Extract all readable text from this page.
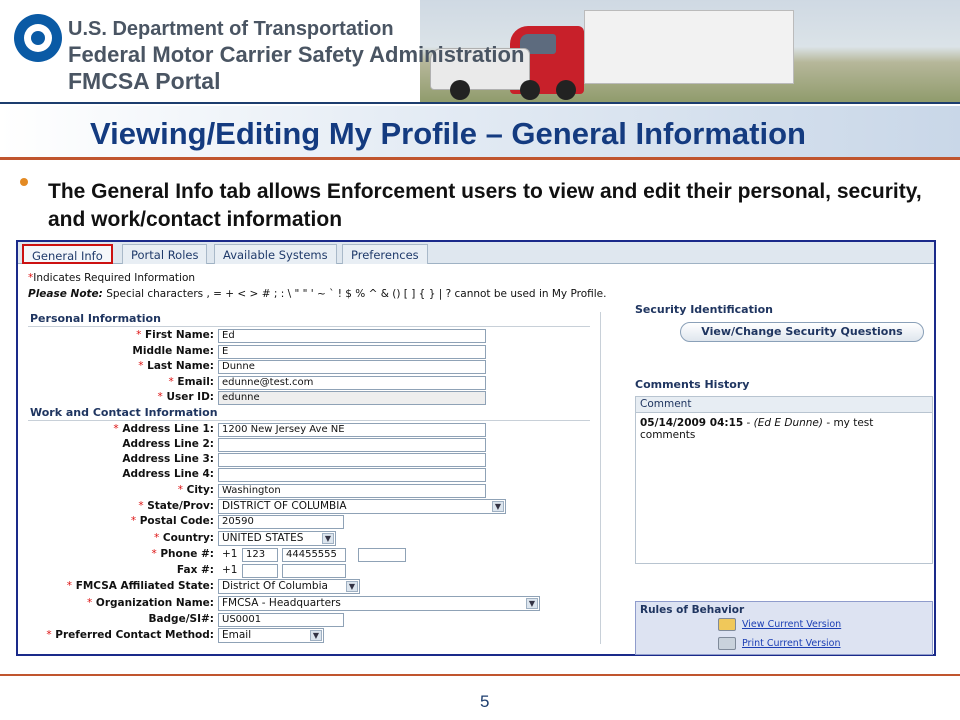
U.S. Department of Transportation
Federal Motor Carrier Safety Administration
FMCSA Portal
Viewing/Editing My Profile – General Information
The General Info tab allows Enforcement users to view and edit their personal, security, and work/contact information
General Info	Portal Roles	Available Systems	Preferences
*Indicates Required Information
Please Note: Special characters , = + < > # ; : \ " " ' ~ ` ! $ % ^ & () [ ] { } | ? cannot be used in My Profile.
Personal Information
* First Name: Ed
Middle Name: E
* Last Name: Dunne
* Email: edunne@test.com
* User ID: edunne
Work and Contact Information
* Address Line 1: 1200 New Jersey Ave NE
Address Line 2:
Address Line 3:
Address Line 4:
* City: Washington
* State/Prov: DISTRICT OF COLUMBIA	▼
* Postal Code: 20590
* Country: UNITED STATES	▼
* Phone #: +1 123	44455555
Fax #: +1
* FMCSA Affiliated State: District Of Columbia	▼
* Organization Name: FMCSA - Headquarters	▼
Badge/SI#: US0001
* Preferred Contact Method: Email	▼
Security Identification
View/Change Security Questions
Comments History
Comment
05/14/2009 04:15 - (Ed E Dunne) - my test comments
Rules of Behavior
View Current Version
Print Current Version
5
